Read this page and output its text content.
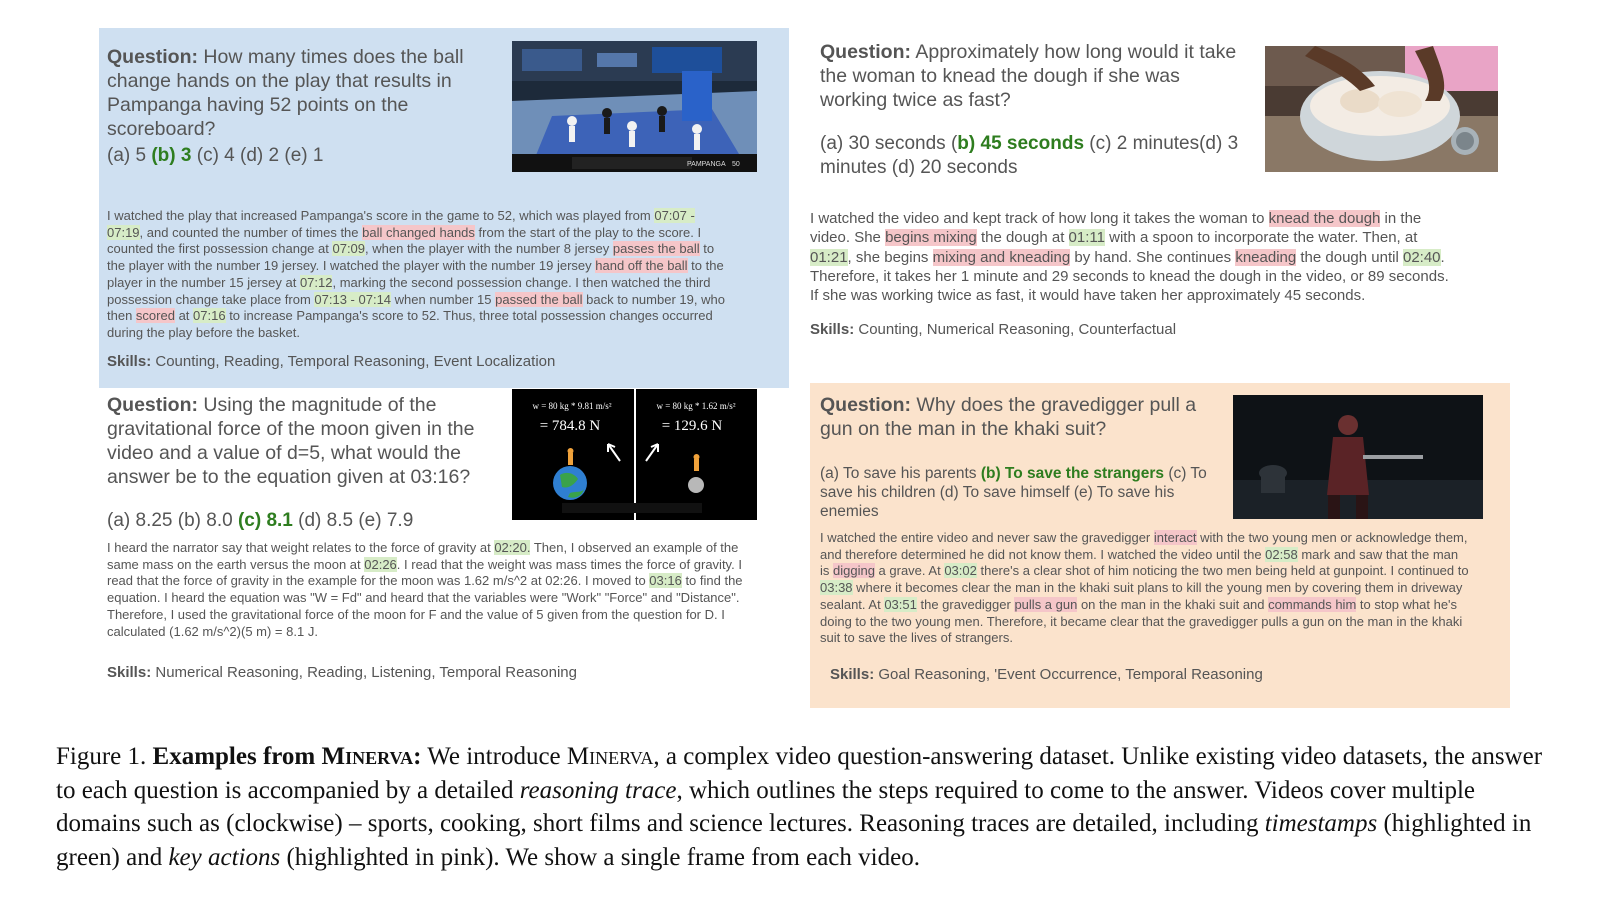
Question: How many times does the ball change hands on the play that results in Pampanga having 52 points on the scoreboard?
(a) 5 (b) 3 (c) 4 (d) 2 (e) 1	PAMPANGA 50
I watched the play that increased Pampanga's score in the game to 52, which was played from 07:07 - 07:19, and counted the number of times the ball changed hands from the start of the play to the score. I counted the first possession change at 07:09, when the player with the number 8 jersey passes the ball to the player with the number 19 jersey. I watched the player with the number 19 jersey hand off the ball to the player in the number 15 jersey at 07:12, marking the second possession change. I then watched the third possession change take place from 07:13 - 07:14 when number 15 passed the ball back to number 19, who then scored at 07:16 to increase Pampanga's score to 52. Thus, three total possession changes occurred during the play before the basket.
Skills: Counting, Reading, Temporal Reasoning, Event Localization
Question: Approximately how long would it take the woman to knead the dough if she was working twice as fast?
(a) 30 seconds (b) 45 seconds (c) 2 minutes(d) 3 minutes (d) 20 seconds
I watched the video and kept track of how long it takes the woman to knead the dough in the video. She begins mixing the dough at 01:11 with a spoon to incorporate the water. Then, at 01:21, she begins mixing and kneading by hand. She continues kneading the dough until 02:40. Therefore, it takes her 1 minute and 29 seconds to knead the dough in the video, or 89 seconds. If she was working twice as fast, it would have taken her approximately 45 seconds.
Skills: Counting, Numerical Reasoning, Counterfactual
Question: Using the magnitude of the gravitational force of the moon given in the video and a value of d=5, what would the answer be to the equation given at 03:16?
(a) 8.25 (b) 8.0 (c) 8.1 (d) 8.5 (e) 7.9
w = 80 kg * 9.81 m/s²
= 784.8 N
w = 80 kg * 1.62 m/s²
= 129.6 N
I heard the narrator say that weight relates to the force of gravity at 02:20. Then, I observed an example of the same mass on the earth versus the moon at 02:26. I read that the weight was mass times the force of gravity. I read that the force of gravity in the example for the moon was 1.62 m/s^2 at 02:26. I moved to 03:16 to find the equation. I heard the equation was "W = Fd" and heard that the variables were "Work" "Force" and "Distance". Therefore, I used the gravitational force of the moon for F and the value of 5 given from the question for D. I calculated (1.62 m/s^2)(5 m) = 8.1 J.
Skills: Numerical Reasoning, Reading, Listening, Temporal Reasoning
Question: Why does the gravedigger pull a gun on the man in the khaki suit?
(a) To save his parents (b) To save the strangers (c) To save his children (d) To save himself (e) To save his enemies
I watched the entire video and never saw the gravedigger interact with the two young men or acknowledge them, and therefore determined he did not know them. I watched the video until the 02:58 mark and saw that the man is digging a grave. At 03:02 there's a clear shot of him noticing the two men being held at gunpoint. I continued to 03:38 where it becomes clear the man in the khaki suit plans to kill the young men by covering them in driveway sealant. At 03:51 the gravedigger pulls a gun on the man in the khaki suit and commands him to stop what he's doing to the two young men. Therefore, it became clear that the gravedigger pulls a gun on the man in the khaki suit to save the lives of strangers.
Skills: Goal Reasoning, 'Event Occurrence, Temporal Reasoning
Figure 1. Examples from Minerva: We introduce Minerva, a complex video question-answering dataset. Unlike existing video datasets, the answer to each question is accompanied by a detailed reasoning trace, which outlines the steps required to come to the answer. Videos cover multiple domains such as (clockwise) – sports, cooking, short films and science lectures. Reasoning traces are detailed, including timestamps (highlighted in green) and key actions (highlighted in pink). We show a single frame from each video.
